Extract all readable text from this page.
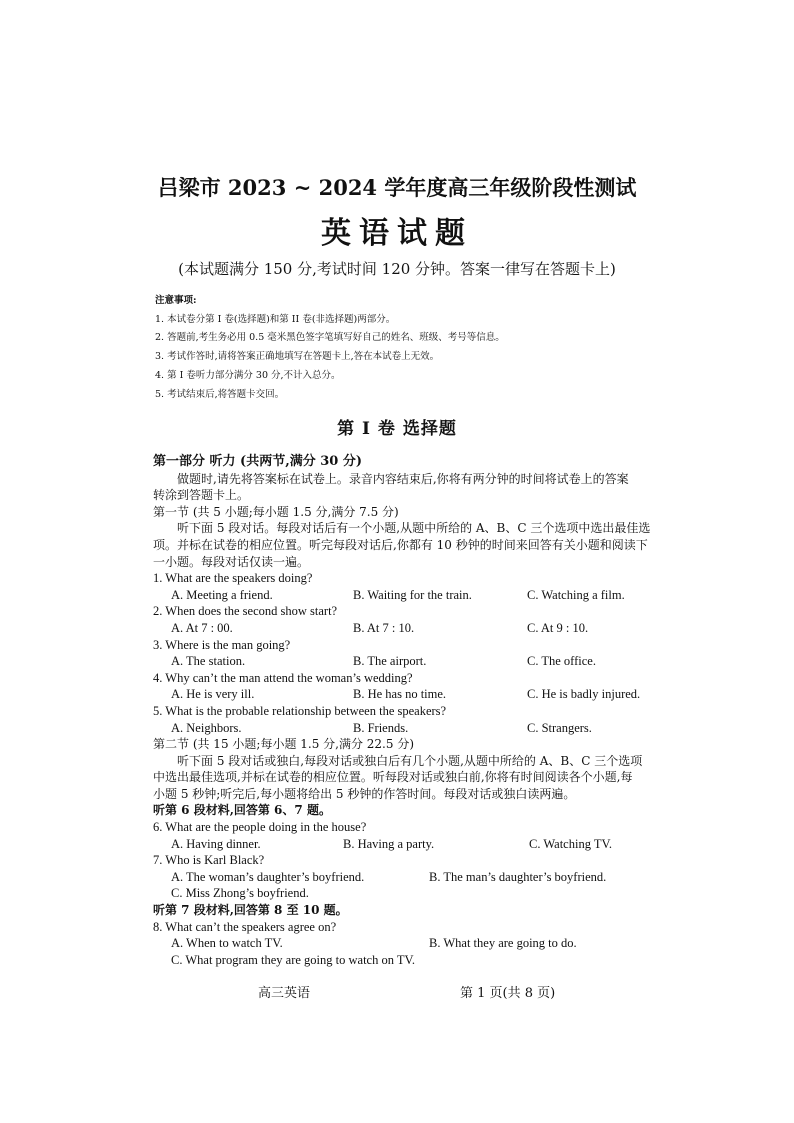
吕梁市 2023 ~ 2024 学年度高三年级阶段性测试
英语试题
(本试题满分 150 分,考试时间 120 分钟。答案一律写在答题卡上)
注意事项:
1. 本试卷分第 I 卷(选择题)和第 II 卷(非选择题)两部分。
2. 答题前,考生务必用 0.5 毫米黑色签字笔填写好自己的姓名、班级、考号等信息。
3. 考试作答时,请将答案正确地填写在答题卡上,答在本试卷上无效。
4. 第 I 卷听力部分满分 30 分,不计入总分。
5. 考试结束后,将答题卡交回。
第 I 卷 选择题
第一部分 听力 (共两节,满分 30 分)
做题时,请先将答案标在试卷上。录音内容结束后,你将有两分钟的时间将试卷上的答案
转涂到答题卡上。
第一节 (共 5 小题;每小题 1.5 分,满分 7.5 分)
听下面 5 段对话。每段对话后有一个小题,从题中所给的 A、B、C 三个选项中选出最佳选
项。并标在试卷的相应位置。听完每段对话后,你都有 10 秒钟的时间来回答有关小题和阅读下
一小题。每段对话仅读一遍。
1. What are the speakers doing?
A. Meeting a friend.	B. Waiting for the train.	C. Watching a film.
2. When does the second show start?
A. At 7 : 00.	B. At 7 : 10.	C. At 9 : 10.
3. Where is the man going?
A. The station.	B. The airport.	C. The office.
4. Why can’t the man attend the woman’s wedding?
A. He is very ill.	B. He has no time.	C. He is badly injured.
5. What is the probable relationship between the speakers?
A. Neighbors.	B. Friends.	C. Strangers.
第二节 (共 15 小题;每小题 1.5 分,满分 22.5 分)
听下面 5 段对话或独白,每段对话或独白后有几个小题,从题中所给的 A、B、C 三个选项
中选出最佳选项,并标在试卷的相应位置。听每段对话或独白前,你将有时间阅读各个小题,每
小题 5 秒钟;听完后,每小题将给出 5 秒钟的作答时间。每段对话或独白读两遍。
听第 6 段材料,回答第 6、7 题。
6. What are the people doing in the house?
A. Having dinner.	B. Having a party.	C. Watching TV.
7. Who is Karl Black?
A. The woman’s daughter’s boyfriend.	B. The man’s daughter’s boyfriend.
C. Miss Zhong’s boyfriend.
听第 7 段材料,回答第 8 至 10 题。
8. What can’t the speakers agree on?
A. When to watch TV.	B. What they are going to do.
C. What program they are going to watch on TV.
高三英语	第 1 页(共 8 页)
